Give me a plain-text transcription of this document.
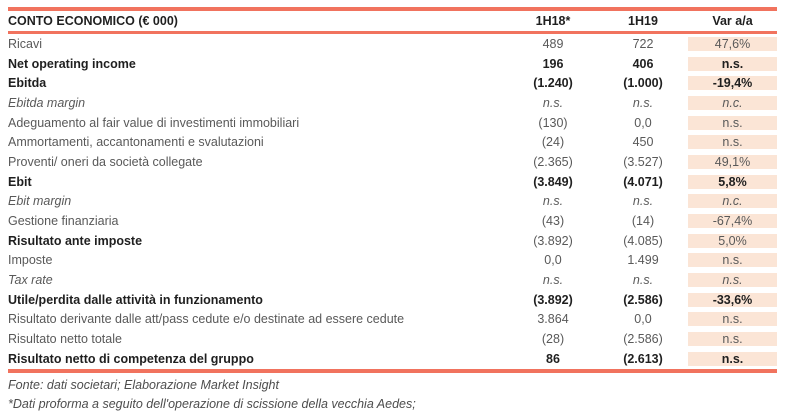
CONTO ECONOMICO (€ 000)	1H18*	1H19	Var a/a
Ricavi	489	722	47,6%
Net operating income	196	406	n.s.
Ebitda	(1.240)	(1.000)	-19,4%
Ebitda margin	n.s.	n.s.	n.c.
Adeguamento al fair value di investimenti immobiliari	(130)	0,0	n.s.
Ammortamenti, accantonamenti e svalutazioni	(24)	450	n.s.
Proventi/ oneri da società collegate	(2.365)	(3.527)	49,1%
Ebit	(3.849)	(4.071)	5,8%
Ebit margin	n.s.	n.s.	n.c.
Gestione finanziaria	(43)	(14)	-67,4%
Risultato ante imposte	(3.892)	(4.085)	5,0%
Imposte	0,0	1.499	n.s.
Tax rate	n.s.	n.s.	n.s.
Utile/perdita dalle attività in funzionamento	(3.892)	(2.586)	-33,6%
Risultato derivante dalle att/pass cedute e/o destinate ad essere cedute	3.864	0,0	n.s.
Risultato netto totale	(28)	(2.586)	n.s.
Risultato netto di competenza del gruppo	86	(2.613)	n.s.
Fonte: dati societari; Elaborazione Market Insight
*Dati proforma a seguito dell'operazione di scissione della vecchia Aedes;
